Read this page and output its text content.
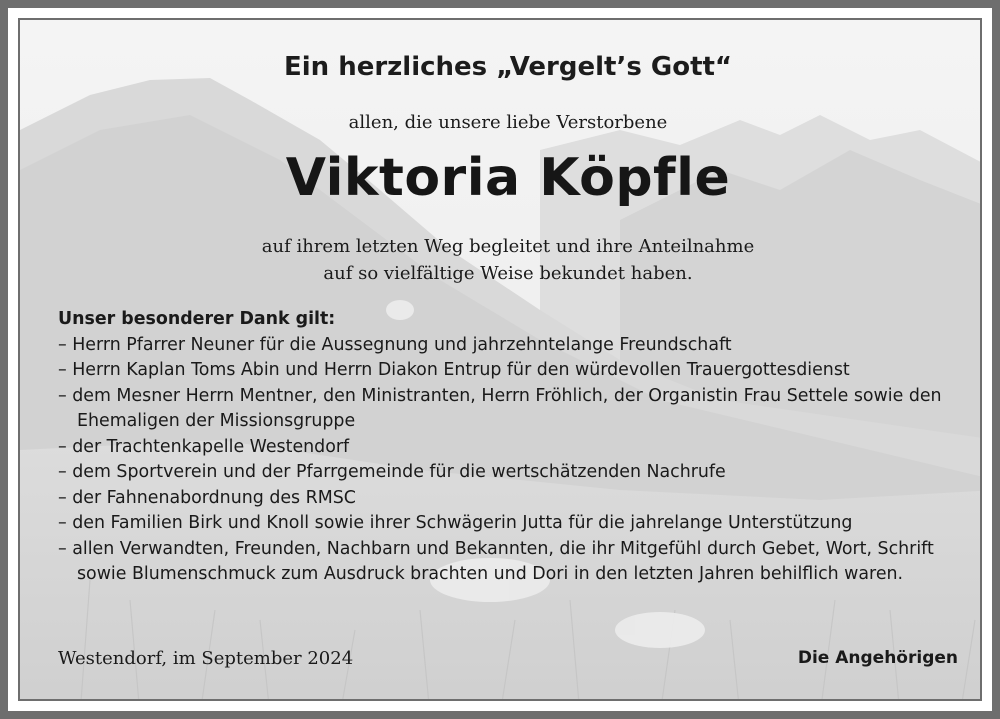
Ein herzliches „Vergelt’s Gott“
allen, die unsere liebe Verstorbene
Viktoria Köpfle
auf ihrem letzten Weg begleitet und ihre Anteilnahme
auf so vielfältige Weise bekundet haben.
Unser besonderer Dank gilt:
– Herrn Pfarrer Neuner für die Aussegnung und jahrzehntelange Freundschaft
– Herrn Kaplan Toms Abin und Herrn Diakon Entrup für den würdevollen Trauergottesdienst
– dem Mesner Herrn Mentner, den Ministranten, Herrn Fröhlich, der Organistin Frau Settele sowie den Ehemaligen der Missionsgruppe
– der Trachtenkapelle Westendorf
– dem Sportverein und der Pfarrgemeinde für die wertschätzenden Nachrufe
– der Fahnenabordnung des RMSC
– den Familien Birk und Knoll sowie ihrer Schwägerin Jutta für die jahrelange Unterstützung
– allen Verwandten, Freunden, Nachbarn und Bekannten, die ihr Mitgefühl durch Gebet, Wort, Schrift sowie Blumenschmuck zum Ausdruck brachten und Dori in den letzten Jahren behilflich waren.
Westendorf, im September 2024	Die Angehörigen
